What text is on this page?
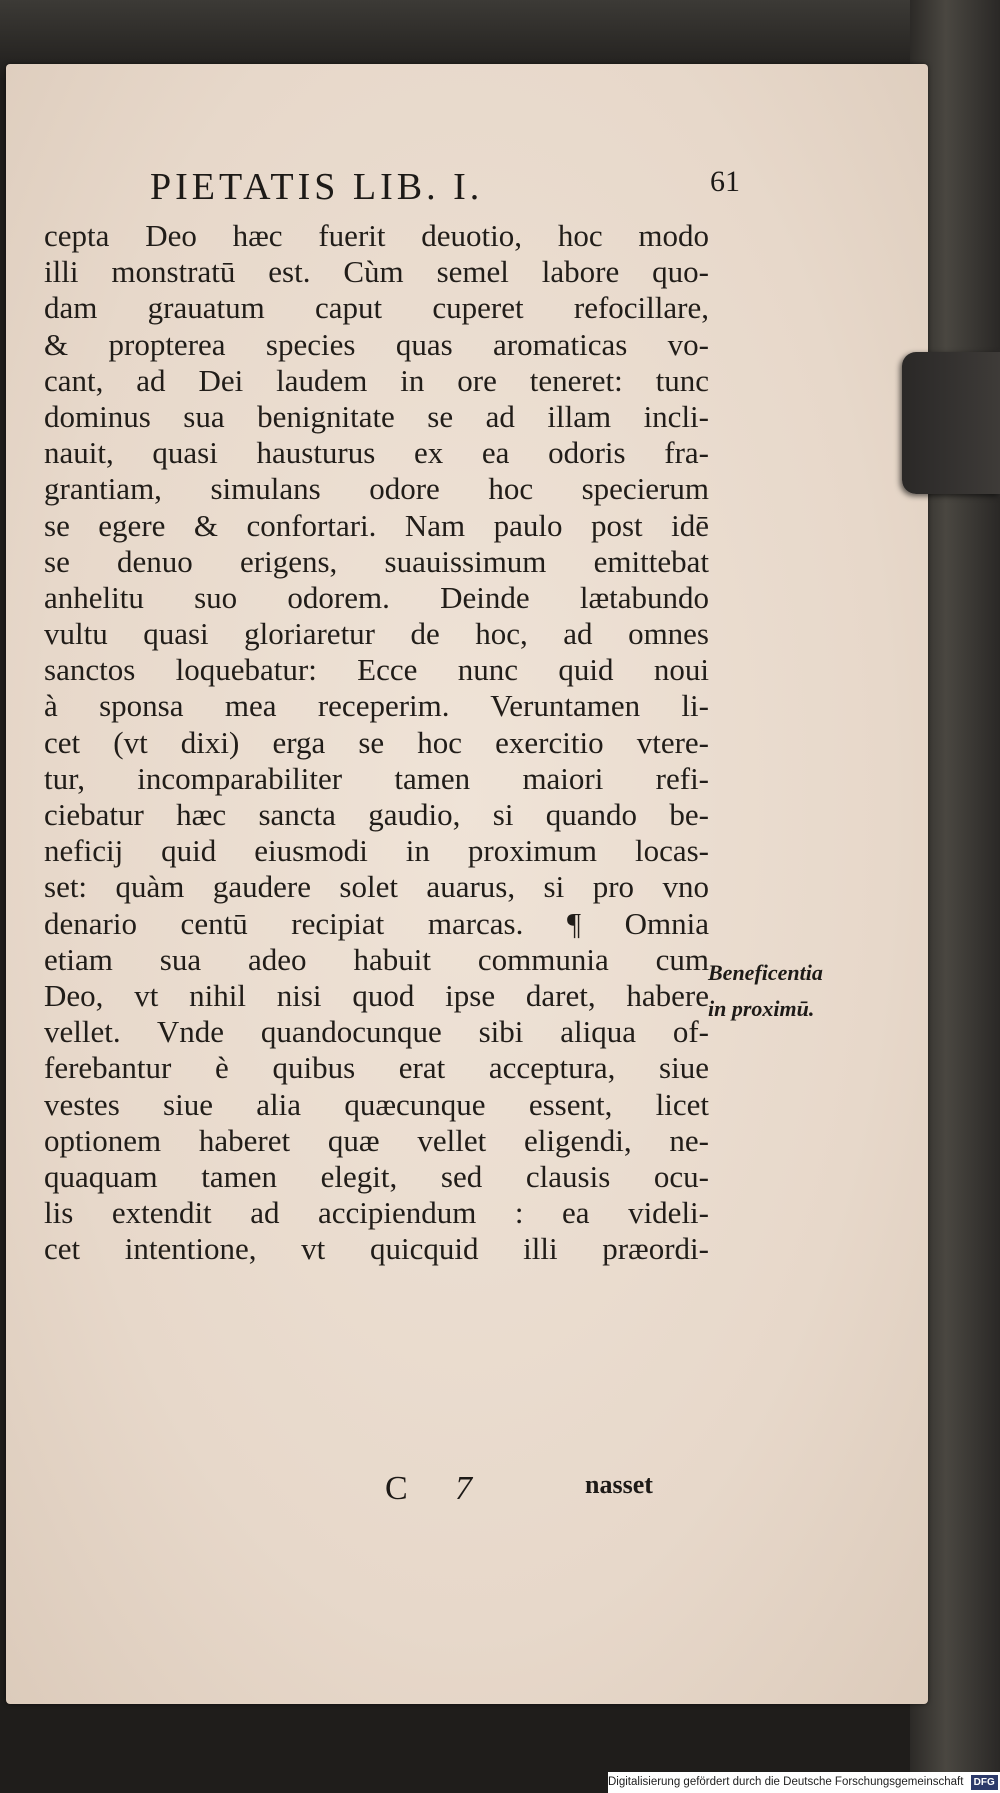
PIETATIS LIB. I.	61
cepta Deo hæc fuerit deuotio, hoc modo
illi monstratū est. Cùm semel labore quo-
dam grauatum caput cuperet refocillare,
& propterea species quas aromaticas vo-
cant, ad Dei laudem in ore teneret: tunc
dominus sua benignitate se ad illam incli-
nauit, quasi hausturus ex ea odoris fra-
grantiam, simulans odore hoc specierum
se egere & confortari. Nam paulo post idē
se denuo erigens, suauissimum emittebat
anhelitu suo odorem. Deinde lætabundo
vultu quasi gloriaretur de hoc, ad omnes
sanctos loquebatur: Ecce nunc quid noui
à sponsa mea receperim. Veruntamen li-
cet (vt dixi) erga se hoc exercitio vtere-
tur, incomparabiliter tamen maiori refi-
ciebatur hæc sancta gaudio, si quando be-
neficij quid eiusmodi in proximum locas-
set: quàm gaudere solet auarus, si pro vno
denario centū recipiat marcas. ¶ Omnia
etiam sua adeo habuit communia cum
Deo, vt nihil nisi quod ipse daret, habere
vellet. Vnde quandocunque sibi aliqua of-
ferebantur è quibus erat acceptura, siue
vestes siue alia quæcunque essent, licet
optionem haberet quæ vellet eligendi, ne-
quaquam tamen elegit, sed clausis ocu-
lis extendit ad accipiendum : ea videli-
cet intentione, vt quicquid illi præordi-
Beneficentia
in proximū.
C 7	nasset
Digitalisierung gefördert durch die Deutsche Forschungsgemeinschaft DFG
